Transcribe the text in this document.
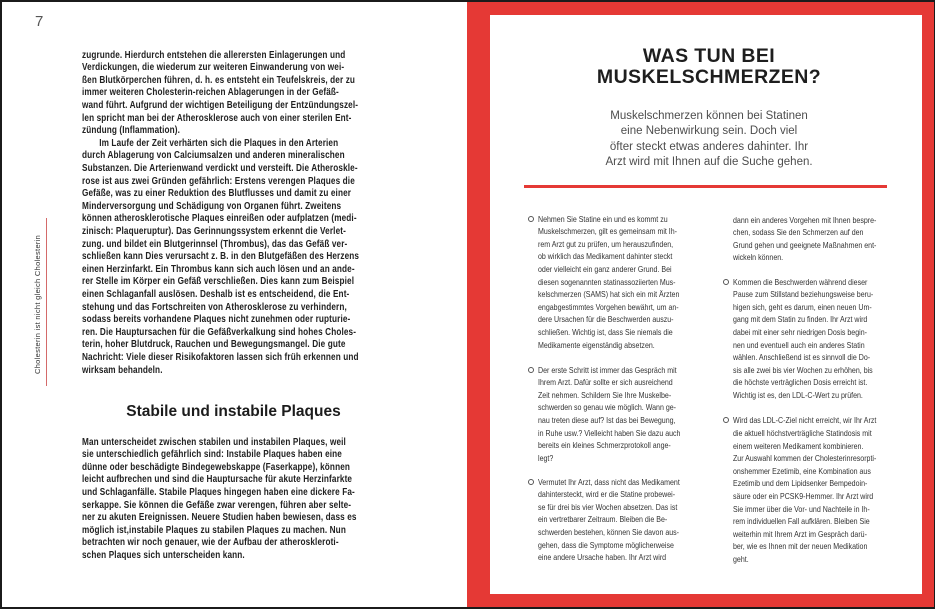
7
Cholesterin ist nicht gleich Cholesterin
zugrunde. Hierdurch entstehen die allerersten Einlagerungen und
Verdickungen, die wiederum zur weiteren Einwanderung von wei-
ßen Blutkörperchen führen, d. h. es entsteht ein Teufelskreis, der zu
immer weiteren Cholesterin-reichen Ablagerungen in der Gefäß-
wand führt. Aufgrund der wichtigen Beteiligung der Entzündungszel-
len spricht man bei der Atherosklerose auch von einer sterilen Ent-
zündung (Inflammation).
Im Laufe der Zeit verhärten sich die Plaques in den Arterien
durch Ablagerung von Calciumsalzen und anderen mineralischen
Substanzen. Die Arterienwand verdickt und versteift. Die Atheroskle-
rose ist aus zwei Gründen gefährlich: Erstens verengen Plaques die
Gefäße, was zu einer Reduktion des Blutflusses und damit zu einer
Minderversorgung und Schädigung von Organen führt. Zweitens
können atherosklerotische Plaques einreißen oder aufplatzen (medi-
zinisch: Plaqueruptur). Das Gerinnungssystem erkennt die Verlet-
zung. und bildet ein Blutgerinnsel (Thrombus), das das Gefäß ver-
schließen kann Dies verursacht z. B. in den Blutgefäßen des Herzens
einen Herzinfarkt. Ein Thrombus kann sich auch lösen und an ande-
rer Stelle im Körper ein Gefäß verschließen. Dies kann zum Beispiel
einen Schlaganfall auslösen. Deshalb ist es entscheidend, die Ent-
stehung und das Fortschreiten von Atherosklerose zu verhindern,
sodass bereits vorhandene Plaques nicht zunehmen oder rupturie-
ren. Die Hauptursachen für die Gefäßverkalkung sind hohes Choles-
terin, hoher Blutdruck, Rauchen und Bewegungsmangel. Die gute
Nachricht: Viele dieser Risikofaktoren lassen sich früh erkennen und
wirksam behandeln.
Stabile und instabile Plaques
Man unterscheidet zwischen stabilen und instabilen Plaques, weil
sie unterschiedlich gefährlich sind: Instabile Plaques haben eine
dünne oder beschädigte Bindegewebskappe (Faserkappe), können
leicht aufbrechen und sind die Hauptursache für akute Herzinfarkte
und Schlaganfälle. Stabile Plaques hingegen haben eine dickere Fa-
serkappe. Sie können die Gefäße zwar verengen, führen aber selte-
ner zu akuten Ereignissen. Neuere Studien haben bewiesen, dass es
möglich ist,instabile Plaques zu stabilen Plaques zu machen. Nun
betrachten wir noch genauer, wie der Aufbau der atheroskleroti-
schen Plaques sich unterscheiden kann.
WAS TUN BEI
MUSKELSCHMERZEN?
Muskelschmerzen können bei Statinen
eine Nebenwirkung sein. Doch viel
öfter steckt etwas anderes dahinter. Ihr
Arzt wird mit Ihnen auf die Suche gehen.
Nehmen Sie Statine ein und es kommt zu
Muskelschmerzen, gilt es gemeinsam mit Ih-
rem Arzt gut zu prüfen, um herauszufinden,
ob wirklich das Medikament dahinter steckt
oder vielleicht ein ganz anderer Grund. Bei
diesen sogenannten statinassoziierten Mus-
kelschmerzen (SAMS) hat sich ein mit Ärzten
engabgestimmtes Vorgehen bewährt, um an-
dere Ursachen für die Beschwerden auszu-
schließen. Wichtig ist, dass Sie niemals die
Medikamente eigenständig absetzen.
Der erste Schritt ist immer das Gespräch mit
Ihrem Arzt. Dafür sollte er sich ausreichend
Zeit nehmen. Schildern Sie Ihre Muskelbe-
schwerden so genau wie möglich. Wann ge-
nau treten diese auf? Ist das bei Bewegung,
in Ruhe usw.? Vielleicht haben Sie dazu auch
bereits ein kleines Schmerzprotokoll ange-
legt?
Vermutet Ihr Arzt, dass nicht das Medikament
dahintersteckt, wird er die Statine probewei-
se für drei bis vier Wochen absetzen. Das ist
ein vertretbarer Zeitraum. Bleiben die Be-
schwerden bestehen, können Sie davon aus-
gehen, dass die Symptome möglicherweise
eine andere Ursache haben. Ihr Arzt wird
dann ein anderes Vorgehen mit Ihnen bespre-
chen, sodass Sie den Schmerzen auf den
Grund gehen und geeignete Maßnahmen ent-
wickeln können.
Kommen die Beschwerden während dieser
Pause zum Stillstand beziehungsweise beru-
higen sich, geht es darum, einen neuen Um-
gang mit dem Statin zu finden. Ihr Arzt wird
dabei mit einer sehr niedrigen Dosis begin-
nen und eventuell auch ein anderes Statin
wählen. Anschließend ist es sinnvoll die Do-
sis alle zwei bis vier Wochen zu erhöhen, bis
die höchste verträglichen Dosis erreicht ist.
Wichtig ist es, den LDL-C-Wert zu prüfen.
Wird das LDL-C-Ziel nicht erreicht, wir Ihr Arzt
die aktuell höchstverträgliche Statindosis mit
einem weiteren Medikament kombinieren.
Zur Auswahl kommen der Cholesterinresorpti-
onshemmer Ezetimib, eine Kombination aus
Ezetimib und dem Lipidsenker Bempedoin-
säure oder ein PCSK9-Hemmer. Ihr Arzt wird
Sie immer über die Vor- und Nachteile in Ih-
rem individuellen Fall aufklären. Bleiben Sie
weiterhin mit Ihrem Arzt im Gespräch darü-
ber, wie es Ihnen mit der neuen Medikation
geht.
